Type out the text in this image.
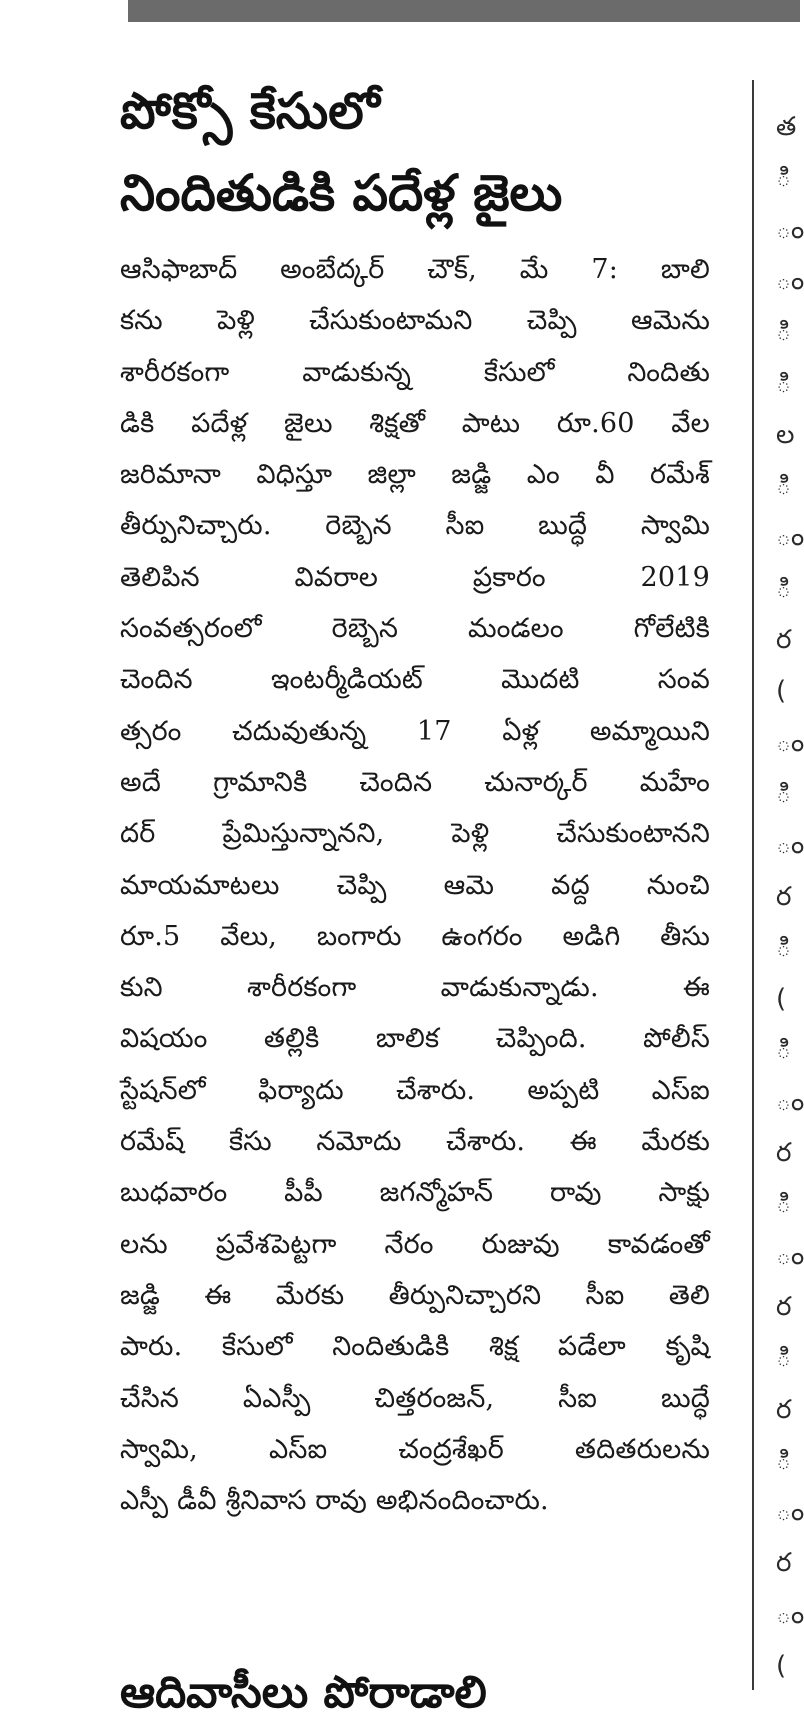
పోక్సో కేసులో
నిందితుడికి పదేళ్ల జైలు
ఆసిఫాబాద్ అంబేద్కర్ చౌక్, మే 7: బాలి
కను పెళ్లి చేసుకుంటామని చెప్పి ఆమెను
శారీరకంగా వాడుకున్న కేసులో నిందితు
డికి పదేళ్ల జైలు శిక్షతో పాటు రూ.60 వేల
జరిమానా విధిస్తూ జిల్లా జడ్జి ఎం వీ రమేశ్
తీర్పునిచ్చారు. రెబ్బెన సీఐ బుద్ధే స్వామి
తెలిపిన వివరాల ప్రకారం 2019
సంవత్సరంలో రెబ్బెన మండలం గోలేటికి
చెందిన ఇంటర్మీడియట్ మొదటి సంవ
త్సరం చదువుతున్న 17 ఏళ్ల అమ్మాయిని
అదే గ్రామానికి చెందిన చునార్కర్ మహేం
దర్ ప్రేమిస్తున్నానని, పెళ్లి చేసుకుంటానని
మాయమాటలు చెప్పి ఆమె వద్ద నుంచి
రూ.5 వేలు, బంగారు ఉంగరం అడిగి తీసు
కుని శారీరకంగా వాడుకున్నాడు. ఈ
విషయం తల్లికి బాలిక చెప్పింది. పోలీస్
స్టేషన్‌లో ఫిర్యాదు చేశారు. అప్పటి ఎస్ఐ
రమేష్ కేసు నమోదు చేశారు. ఈ మేరకు
బుధవారం పీపీ జగన్మోహన్ రావు సాక్షు
లను ప్రవేశపెట్టగా నేరం రుజువు కావడంతో
జడ్జి ఈ మేరకు తీర్పునిచ్చారని సీఐ తెలి
పారు. కేసులో నిందితుడికి శిక్ష పడేలా కృషి
చేసిన ఏఎస్పీ చిత్తరంజన్, సీఐ బుద్ధే
స్వామి, ఎస్ఐ చంద్రశేఖర్ తదితరులను
ఎస్పీ డీవీ శ్రీనివాస రావు అభినందించారు.
ఆదివాసీలు పోరాడాలి
త
ి
ం
ం
ి
ి
ల
ి
ం
ి
ర
(
ం
ి
ం
ర
ి
(
ి
ం
ర
ి
ం
ర
ి
ర
ి
ం
ర
ం
(
